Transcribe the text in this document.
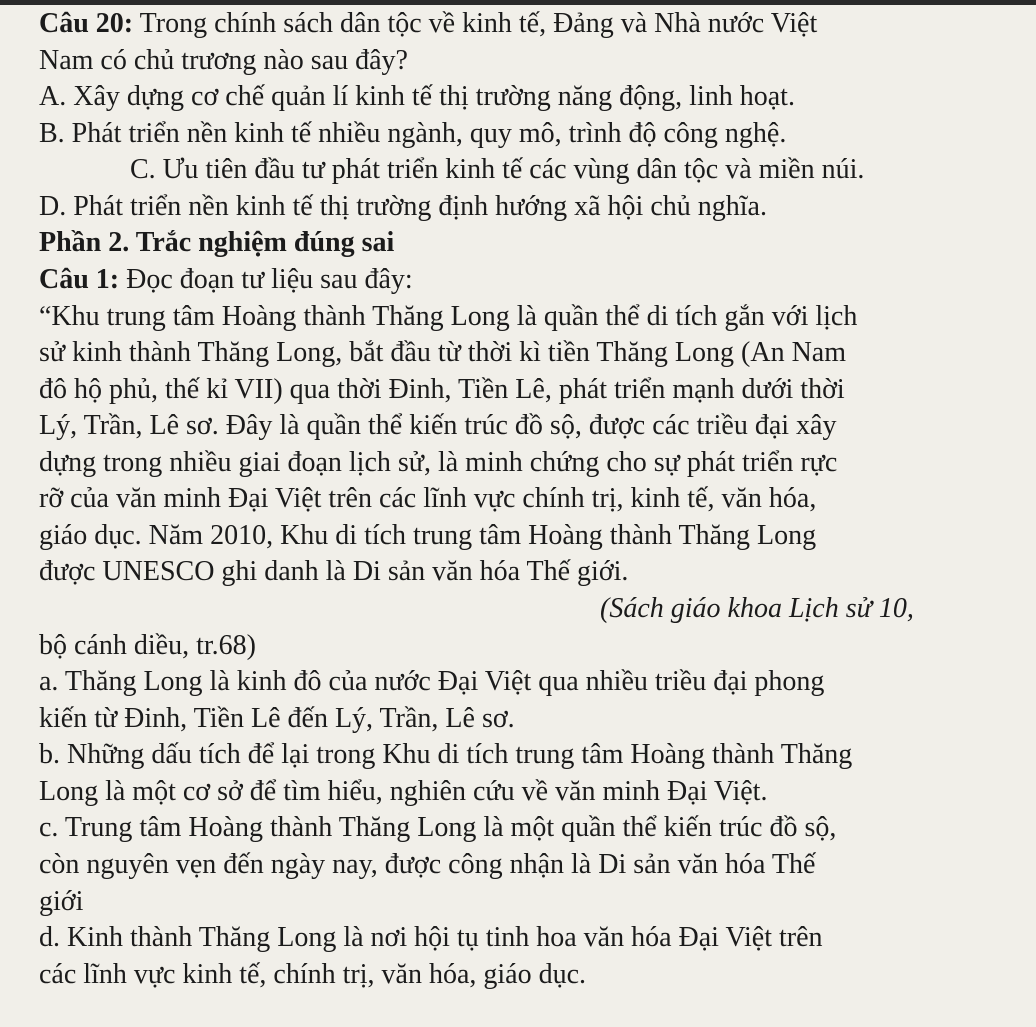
Câu 20: Trong chính sách dân tộc về kinh tế, Đảng và Nhà nước Việt
Nam có chủ trương nào sau đây?
A. Xây dựng cơ chế quản lí kinh tế thị trường năng động, linh hoạt.
B. Phát triển nền kinh tế nhiều ngành, quy mô, trình độ công nghệ.
C. Ưu tiên đầu tư phát triển kinh tế các vùng dân tộc và miền núi.
D. Phát triển nền kinh tế thị trường định hướng xã hội chủ nghĩa.
Phần 2. Trắc nghiệm đúng sai
Câu 1: Đọc đoạn tư liệu sau đây:
“Khu trung tâm Hoàng thành Thăng Long là quần thể di tích gắn với lịch
sử kinh thành Thăng Long, bắt đầu từ thời kì tiền Thăng Long (An Nam
đô hộ phủ, thế kỉ VII) qua thời Đinh, Tiền Lê, phát triển mạnh dưới thời
Lý, Trần, Lê sơ. Đây là quần thể kiến trúc đồ sộ, được các triều đại xây
dựng trong nhiều giai đoạn lịch sử, là minh chứng cho sự phát triển rực
rỡ của văn minh Đại Việt trên các lĩnh vực chính trị, kinh tế, văn hóa,
giáo dục. Năm 2010, Khu di tích trung tâm Hoàng thành Thăng Long
được UNESCO ghi danh là Di sản văn hóa Thế giới.
(Sách giáo khoa Lịch sử 10,
bộ cánh diều, tr.68)
a. Thăng Long là kinh đô của nước Đại Việt qua nhiều triều đại phong
kiến từ Đinh, Tiền Lê đến Lý, Trần, Lê sơ.
b. Những dấu tích để lại trong Khu di tích trung tâm Hoàng thành Thăng
Long là một cơ sở để tìm hiểu, nghiên cứu về văn minh Đại Việt.
c. Trung tâm Hoàng thành Thăng Long là một quần thể kiến trúc đồ sộ,
còn nguyên vẹn đến ngày nay, được công nhận là Di sản văn hóa Thế
giới
d. Kinh thành Thăng Long là nơi hội tụ tinh hoa văn hóa Đại Việt trên
các lĩnh vực kinh tế, chính trị, văn hóa, giáo dục.
